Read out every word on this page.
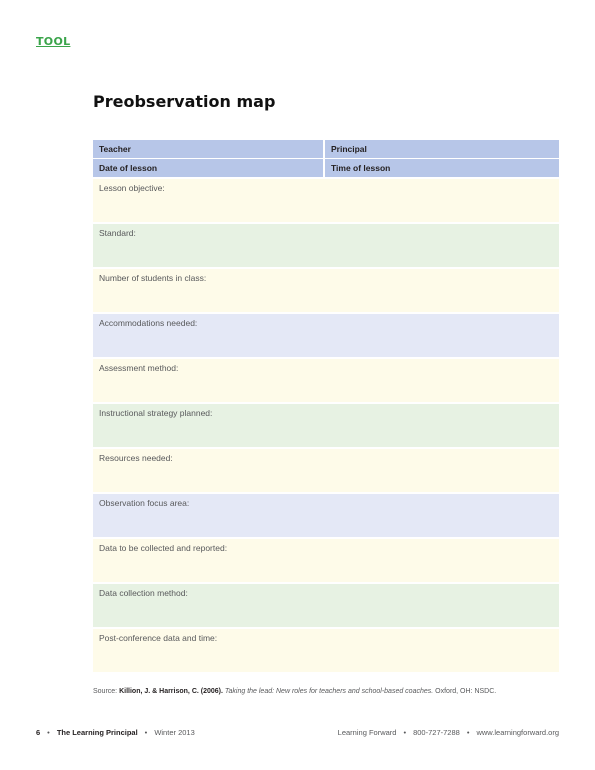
TOOL
Preobservation map
Teacher	Principal
Date of lesson	Time of lesson
Lesson objective:
Standard:
Number of students in class:
Accommodations needed:
Assessment method:
Instructional strategy planned:
Resources needed:
Observation focus area:
Data to be collected and reported:
Data collection method:
Post-conference data and time:
Source: Killion, J. & Harrison, C. (2006). Taking the lead: New roles for teachers and school-based coaches. Oxford, OH: NSDC.
6 • The Learning Principal • Winter 2013	Learning Forward • 800-727-7288 • www.learningforward.org
